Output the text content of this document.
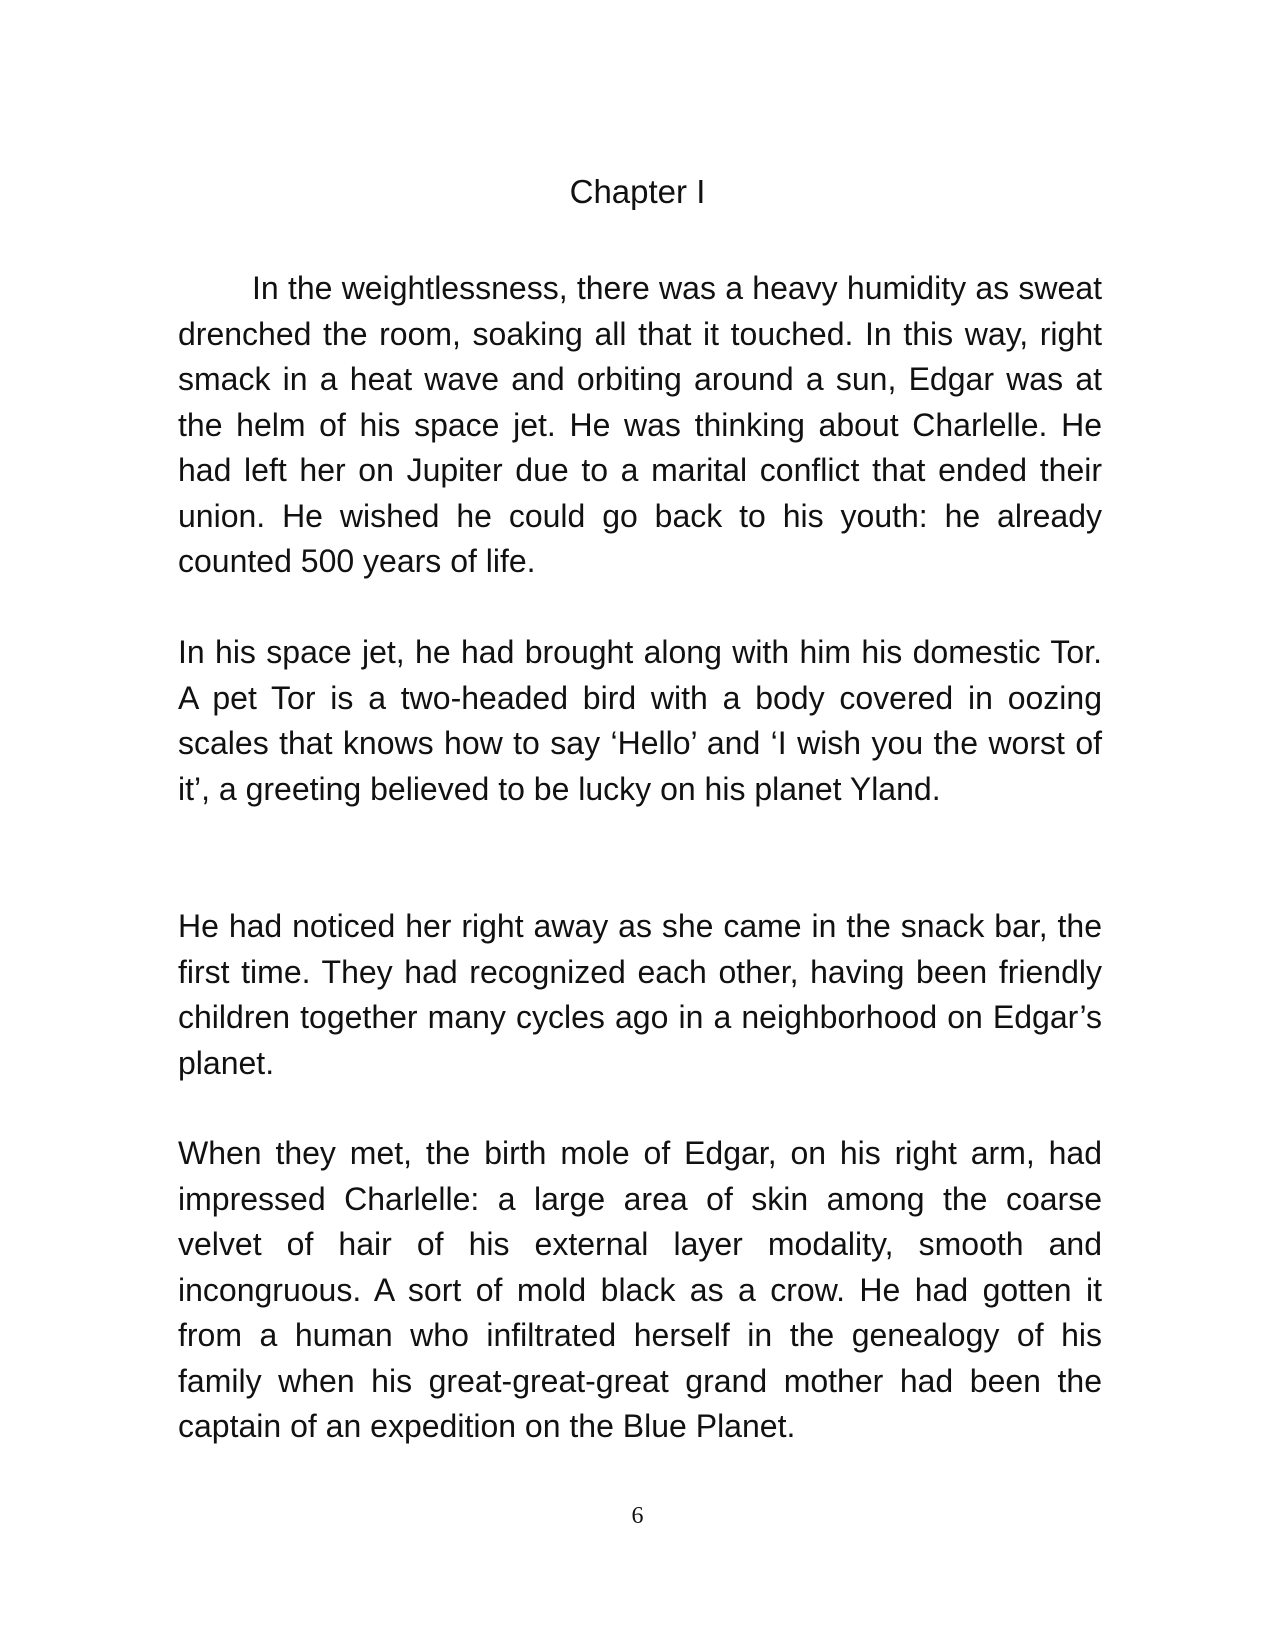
Chapter I

In the weightlessness, there was a heavy humidity as sweat drenched the room, soaking all that it touched. In this way, right smack in a heat wave and orbiting around a sun, Edgar was at the helm of his space jet. He was thinking about Charlelle. He had left her on Jupiter due to a marital conflict that ended their union. He wished he could go back to his youth: he already counted 500 years of life.

In his space jet, he had brought along with him his domestic Tor. A pet Tor is a two-headed bird with a body covered in oozing scales that knows how to say ‘Hello’ and ‘I wish you the worst of it’, a greeting believed to be lucky on his planet Yland.

He had noticed her right away as she came in the snack bar, the first time. They had recognized each other, having been friendly children together many cycles ago in a neighborhood on Edgar’s planet.

When they met, the birth mole of Edgar, on his right arm, had impressed Charlelle: a large area of skin among the coarse velvet of hair of his external layer modality, smooth and incongruous. A sort of mold black as a crow. He had gotten it from a human who infiltrated herself in the genealogy of his family when his great-great-great grand mother had been the captain of an expedition on the Blue Planet.

6
